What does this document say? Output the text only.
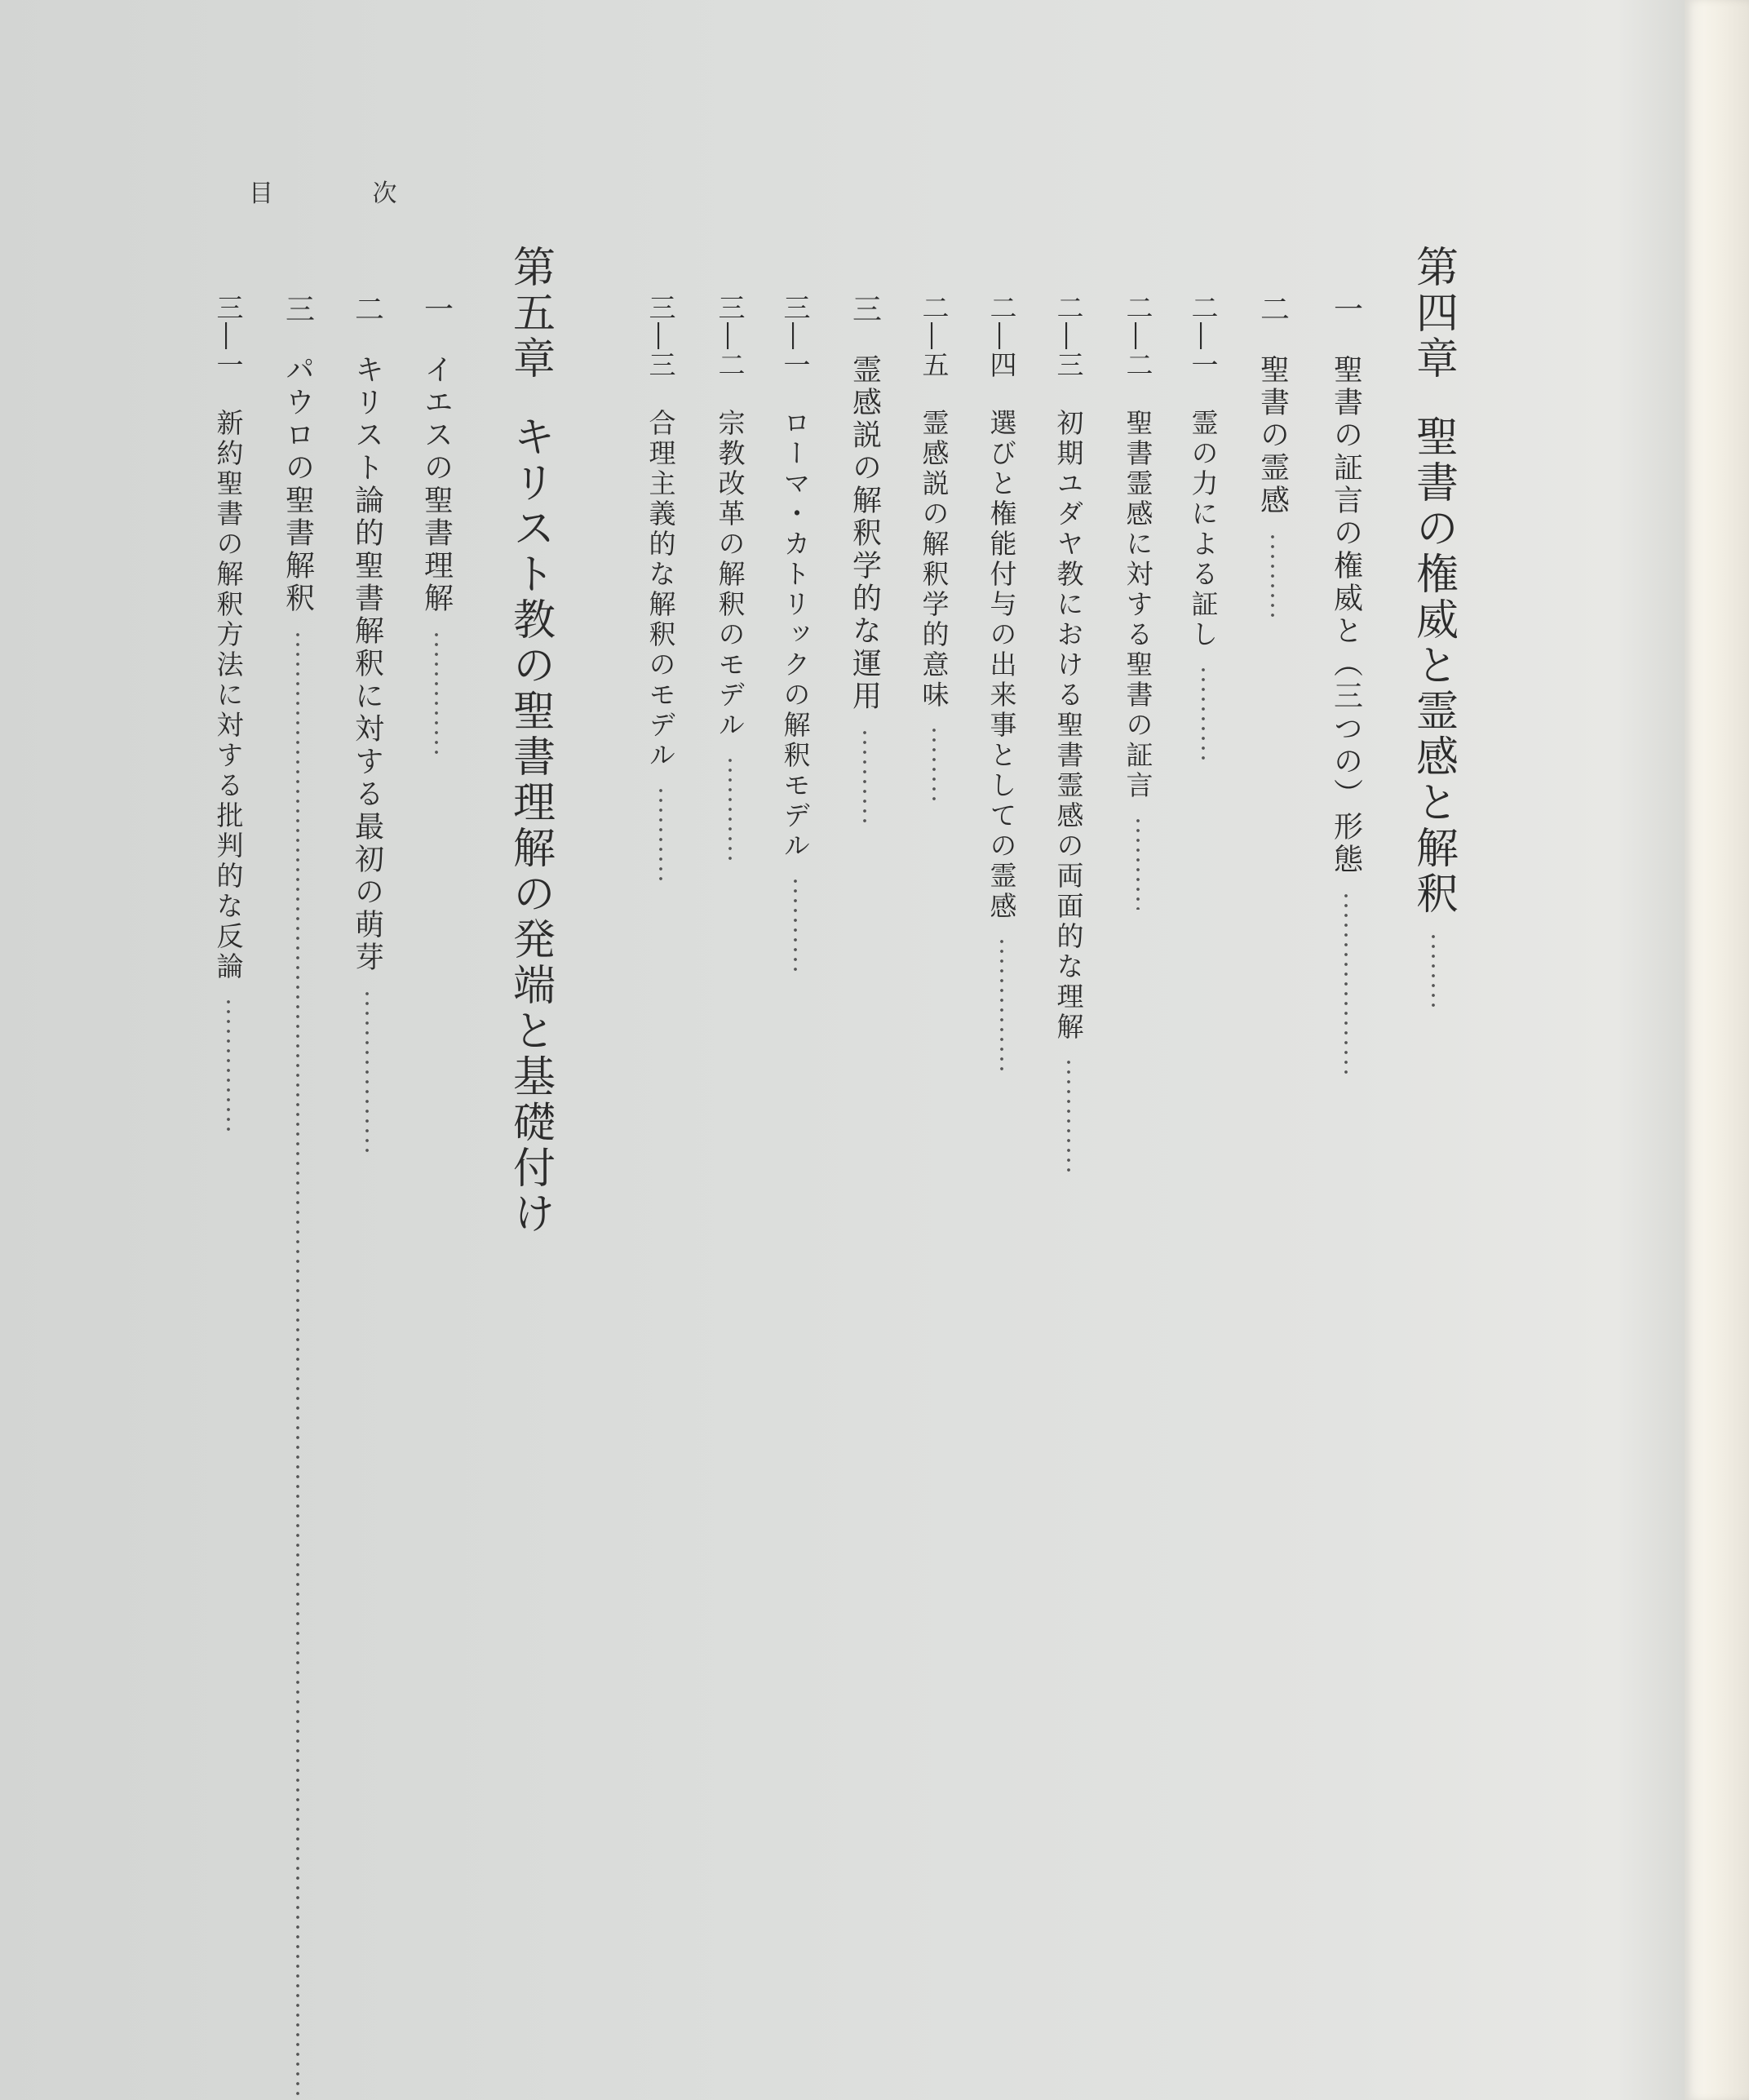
目 次
第四章
聖書の権威と霊感と解釈
一
聖書の証言の権威と（三つの）形態
二
聖書の霊感
二―一
霊の力による証し
二―二
聖書霊感に対する聖書の証言
二―三
初期ユダヤ教における聖書霊感の両面的な理解
二―四
選びと権能付与の出来事としての霊感
二―五
霊感説の解釈学的意味
三
霊感説の解釈学的な運用
三―一
ローマ・カトリックの解釈モデル
三―二
宗教改革の解釈のモデル
三―三
合理主義的な解釈のモデル
第五章
キリスト教の聖書理解の発端と基礎付け
一
イエスの聖書理解
二
キリスト論的聖書解釈に対する最初の萌芽
三
パウロの聖書解釈
三―一
新約聖書の解釈方法に対する批判的な反論
